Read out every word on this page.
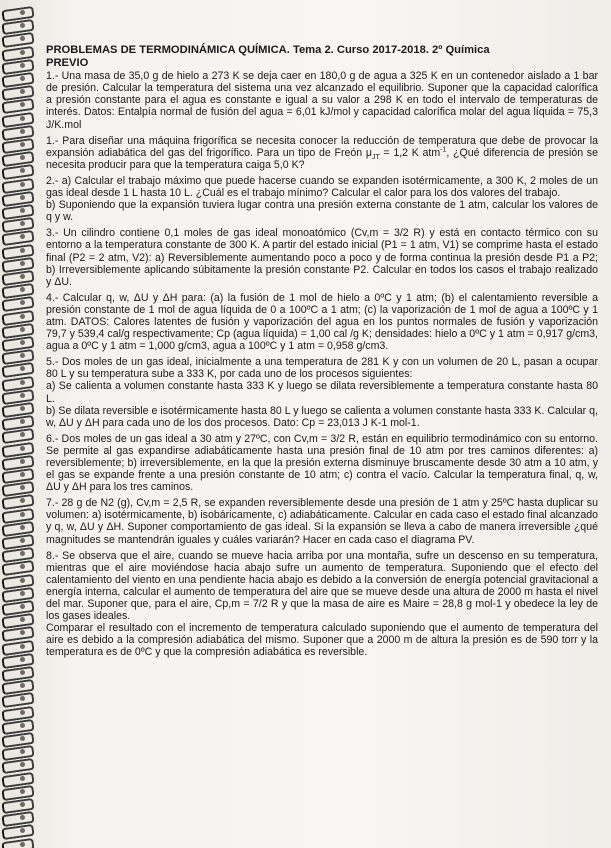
PROBLEMAS DE TERMODINÁMICA QUÍMICA. Tema 2. Curso 2017-2018. 2º Química
PREVIO
1.- Una masa de 35,0 g de hielo a 273 K se deja caer en 180,0 g de agua a 325 K en un contenedor aislado a 1 bar de presión. Calcular la temperatura del sistema una vez alcanzado el equilibrio. Suponer que la capacidad calorífica a presión constante para el agua es constante e igual a su valor a 298 K en todo el intervalo de temperaturas de interés. Datos: Entalpía normal de fusión del agua = 6,01 kJ/mol y capacidad calorífica molar del agua líquida = 75,3 J/K.mol
1.- Para diseñar una máquina frigorífica se necesita conocer la reducción de temperatura que debe de provocar la expansión adiabática del gas del frigorífico. Para un tipo de Freón $\mu_{JT} = 1,2$ K atm$^{-1}$, ¿Qué diferencia de presión se necesita producir para que la temperatura caiga 5,0 K?
2.- a) Calcular el trabajo máximo que puede hacerse cuando se expanden isotérmicamente, a 300 K, 2 moles de un gas ideal desde 1 L hasta 10 L. ¿Cuál es el trabajo mínimo? Calcular el calor para los dos valores del trabajo.
b) Suponiendo que la expansión tuviera lugar contra una presión externa constante de 1 atm, calcular los valores de q y w.
3.- Un cilindro contiene 0,1 moles de gas ideal monoatómico (Cv,m = 3/2 R) y está en contacto térmico con su entorno a la temperatura constante de 300 K. A partir del estado inicial (P1 = 1 atm, V1) se comprime hasta el estado final (P2 = 2 atm, V2): a) Reversiblemente aumentando poco a poco y de forma continua la presión desde P1 a P2; b) Irreversiblemente aplicando súbitamente la presión constante P2. Calcular en todos los casos el trabajo realizado y ΔU.
4.- Calcular q, w, ΔU y ΔH para: (a) la fusión de 1 mol de hielo a 0ºC y 1 atm; (b) el calentamiento reversible a presión constante de 1 mol de agua líquida de 0 a 100ºC a 1 atm; (c) la vaporización de 1 mol de agua a 100ºC y 1 atm. DATOS: Calores latentes de fusión y vaporización del agua en los puntos normales de fusión y vaporización 79,7 y 539,4 cal/g respectivamente; Cp (agua líquida) = 1,00 cal /g K; densidades: hielo a 0ºC y 1 atm = 0,917 g/cm3, agua a 0ºC y 1 atm = 1,000 g/cm3, agua a 100ºC y 1 atm = 0,958 g/cm3.
5.- Dos moles de un gas ideal, inicialmente a una temperatura de 281 K y con un volumen de 20 L, pasan a ocupar 80 L y su temperatura sube a 333 K, por cada uno de los procesos siguientes:
a) Se calienta a volumen constante hasta 333 K y luego se dilata reversiblemente a temperatura constante hasta 80 L.
b) Se dilata reversible e isotérmicamente hasta 80 L y luego se calienta a volumen constante hasta 333 K. Calcular q, w, ΔU y ΔH para cada uno de los dos procesos. Dato: Cp = 23,013 J K-1 mol-1.
6.- Dos moles de un gas ideal a 30 atm y 27ºC, con Cv,m = 3/2 R, están en equilibrio termodinámico con su entorno. Se permite al gas expandirse adiabáticamente hasta una presión final de 10 atm por tres caminos diferentes: a) reversiblemente; b) irreversiblemente, en la que la presión externa disminuye bruscamente desde 30 atm a 10 atm, y el gas se expande frente a una presión constante de 10 atm; c) contra el vacío. Calcular la temperatura final, q, w, ΔU y ΔH para los tres caminos.
7.- 28 g de N2 (g), Cv,m = 2,5 R, se expanden reversiblemente desde una presión de 1 atm y 25ºC hasta duplicar su volumen: a) isotérmicamente, b) isobáricamente, c) adiabáticamente. Calcular en cada caso el estado final alcanzado y q, w, ΔU y ΔH. Suponer comportamiento de gas ideal. Si la expansión se lleva a cabo de manera irreversible ¿qué magnitudes se mantendrán iguales y cuáles variarán? Hacer en cada caso el diagrama PV.
8.- Se observa que el aire, cuando se mueve hacia arriba por una montaña, sufre un descenso en su temperatura, mientras que el aire moviéndose hacia abajo sufre un aumento de temperatura. Suponiendo que el efecto del calentamiento del viento en una pendiente hacia abajo es debido a la conversión de energía potencial gravitacional a energía interna, calcular el aumento de temperatura del aire que se mueve desde una altura de 2000 m hasta el nivel del mar. Suponer que, para el aire, Cp,m = 7/2 R y que la masa de aire es Maire = 28,8 g mol-1 y obedece la ley de los gases ideales.
Comparar el resultado con el incremento de temperatura calculado suponiendo que el aumento de temperatura del aire es debido a la compresión adiabática del mismo. Suponer que a 2000 m de altura la presión es de 590 torr y la temperatura es de 0ºC y que la compresión adiabática es reversible.
